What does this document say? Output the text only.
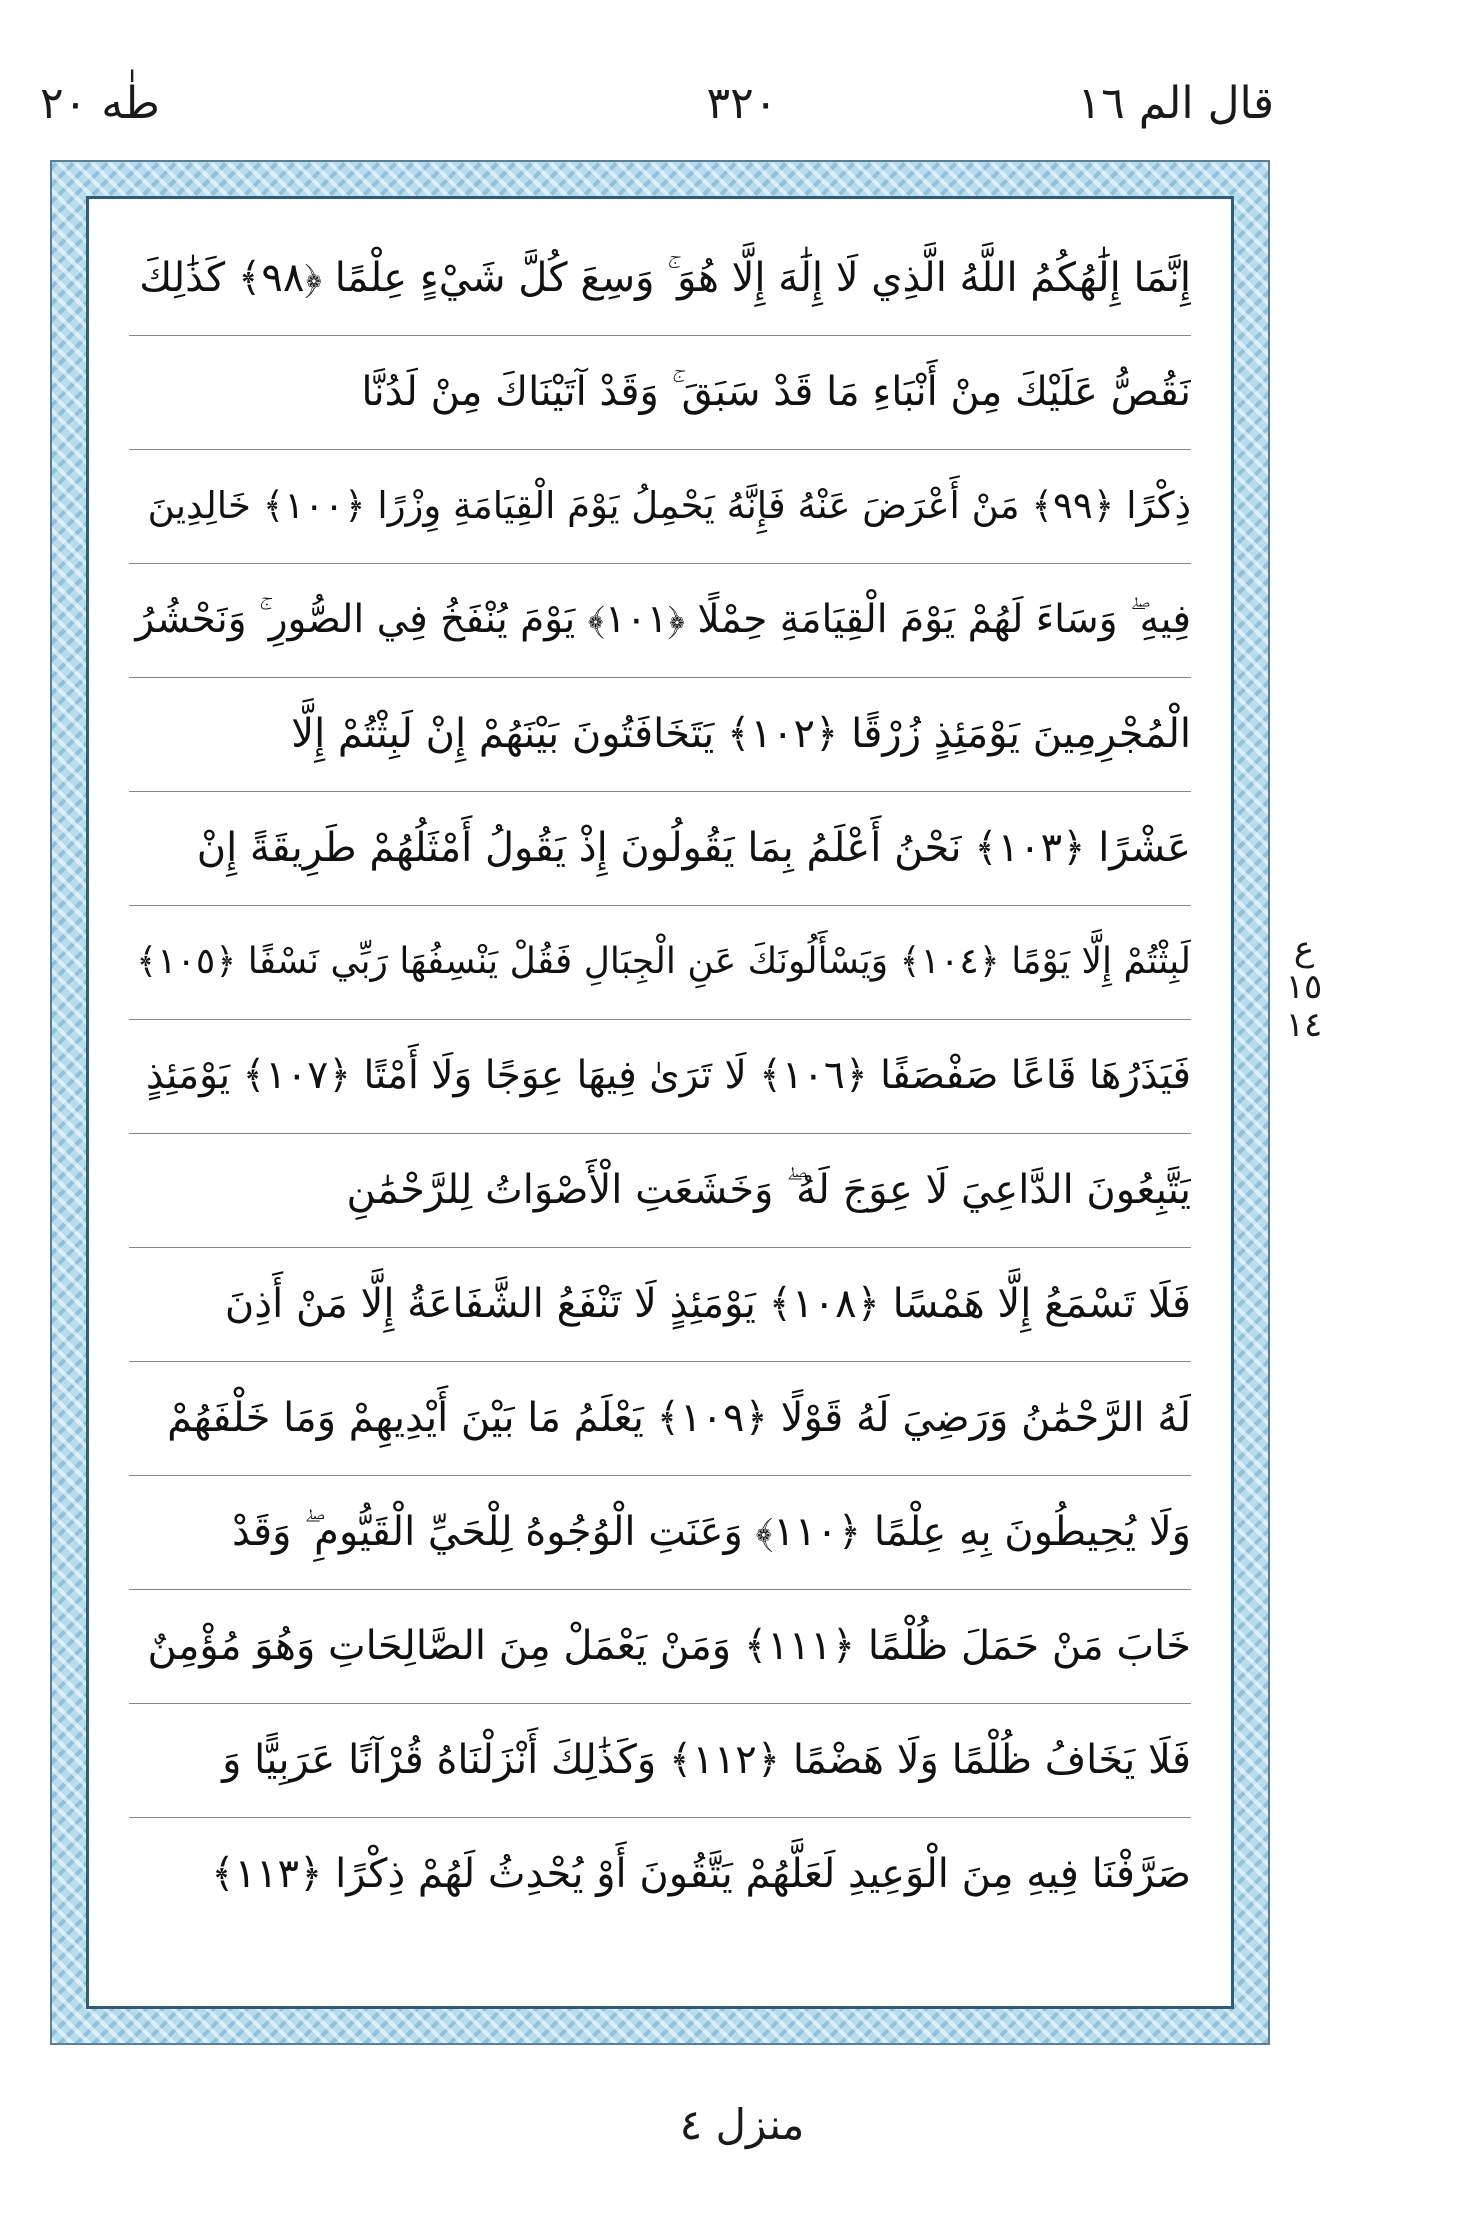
قال الم ١٦
٣٢٠
طٰه ٢٠
إِنَّمَا إِلَٰهُكُمُ اللَّهُ الَّذِي لَا إِلَٰهَ إِلَّا هُوَ ۚ وَسِعَ كُلَّ شَيْءٍ عِلْمًا ﴿٩٨﴾ كَذَٰلِكَ
نَقُصُّ عَلَيْكَ مِنْ أَنْبَاءِ مَا قَدْ سَبَقَ ۚ وَقَدْ آتَيْنَاكَ مِنْ لَدُنَّا
ذِكْرًا ﴿٩٩﴾ مَنْ أَعْرَضَ عَنْهُ فَإِنَّهُ يَحْمِلُ يَوْمَ الْقِيَامَةِ وِزْرًا ﴿١٠٠﴾ خَالِدِينَ
فِيهِ ۖ وَسَاءَ لَهُمْ يَوْمَ الْقِيَامَةِ حِمْلًا ﴿١٠١﴾ يَوْمَ يُنْفَخُ فِي الصُّورِ ۚ وَنَحْشُرُ
الْمُجْرِمِينَ يَوْمَئِذٍ زُرْقًا ﴿١٠٢﴾ يَتَخَافَتُونَ بَيْنَهُمْ إِنْ لَبِثْتُمْ إِلَّا
عَشْرًا ﴿١٠٣﴾ نَحْنُ أَعْلَمُ بِمَا يَقُولُونَ إِذْ يَقُولُ أَمْثَلُهُمْ طَرِيقَةً إِنْ
لَبِثْتُمْ إِلَّا يَوْمًا ﴿١٠٤﴾ وَيَسْأَلُونَكَ عَنِ الْجِبَالِ فَقُلْ يَنْسِفُهَا رَبِّي نَسْفًا ﴿١٠٥﴾
فَيَذَرُهَا قَاعًا صَفْصَفًا ﴿١٠٦﴾ لَا تَرَىٰ فِيهَا عِوَجًا وَلَا أَمْتًا ﴿١٠٧﴾ يَوْمَئِذٍ
يَتَّبِعُونَ الدَّاعِيَ لَا عِوَجَ لَهُ ۖ وَخَشَعَتِ الْأَصْوَاتُ لِلرَّحْمَٰنِ
فَلَا تَسْمَعُ إِلَّا هَمْسًا ﴿١٠٨﴾ يَوْمَئِذٍ لَا تَنْفَعُ الشَّفَاعَةُ إِلَّا مَنْ أَذِنَ
لَهُ الرَّحْمَٰنُ وَرَضِيَ لَهُ قَوْلًا ﴿١٠٩﴾ يَعْلَمُ مَا بَيْنَ أَيْدِيهِمْ وَمَا خَلْفَهُمْ
وَلَا يُحِيطُونَ بِهِ عِلْمًا ﴿١١٠﴾ وَعَنَتِ الْوُجُوهُ لِلْحَيِّ الْقَيُّومِ ۖ وَقَدْ
خَابَ مَنْ حَمَلَ ظُلْمًا ﴿١١١﴾ وَمَنْ يَعْمَلْ مِنَ الصَّالِحَاتِ وَهُوَ مُؤْمِنٌ
فَلَا يَخَافُ ظُلْمًا وَلَا هَضْمًا ﴿١١٢﴾ وَكَذَٰلِكَ أَنْزَلْنَاهُ قُرْآنًا عَرَبِيًّا وَ
صَرَّفْنَا فِيهِ مِنَ الْوَعِيدِ لَعَلَّهُمْ يَتَّقُونَ أَوْ يُحْدِثُ لَهُمْ ذِكْرًا ﴿١١٣﴾
ع ١٥ ١٤
منزل ٤
